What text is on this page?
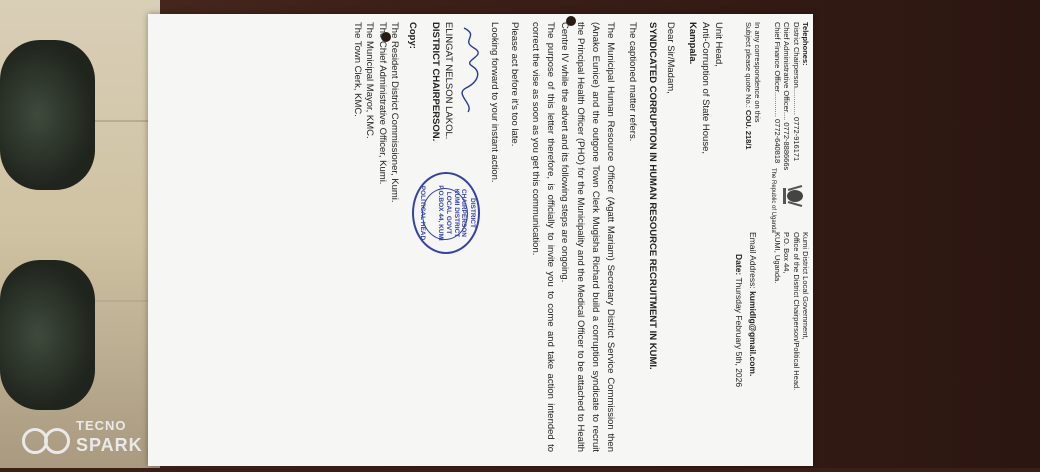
Telephones:
District Chairperson............. 0772-916171
Chief Administrative Officer.... 0772-888666s
Chief Finance Officer............ 0772-640818
In any correspondence on this
Subject please quote No.: COU. 218/1
The Republic of Uganda
Kumi District Local Government,
Office of the District Chairperson/Political Head.
P.O. Box 44,
KUMI, Uganda.
Email Address: kumidlg@gmail.com.
Date: Thursday February 5th, 2026
Unit Head,
Anti-Corruption of State House,
Kampala.
Dear Sir/Madam,
SYNDICATED CORRUPTION IN HUMAN RESOURCE RECRUITMENT IN KUMI.
The captioned matter refers.
The Municipal Human Resource Officer (Agatt Mariam) Secretary District Service Commission then (Anako Eunice) and the outgone Town Clerk Mugisha Richard build a corruption syndicate to recruit the Principal Health Officer (PHO) for the Municipality and the Medical Officer to be attached to Health Centre IV while the advert and its following steps are ongoing.
The purpose of this letter therefore, is officially to invite you to come and take action intended to correct the vise as soon as you get this communication.
Please act before it's too late.
Looking forward to your instant action.
DISTRICT CHAIRPERSON
KUMI DISTRICT
LOCAL GOVT
P.O.BOX 44, KUMI
POLITICAL HEAD
ELINGAT NELSON LAKOL.
DISTRICT CHAIRPERSON.
Copy:
The Resident District Commissioner, Kumi.
The Chief Administrative Officer, Kumi.
The Municipal Mayor, KMC.
The Town Clerk, KMC.
TECNO
SPARK
